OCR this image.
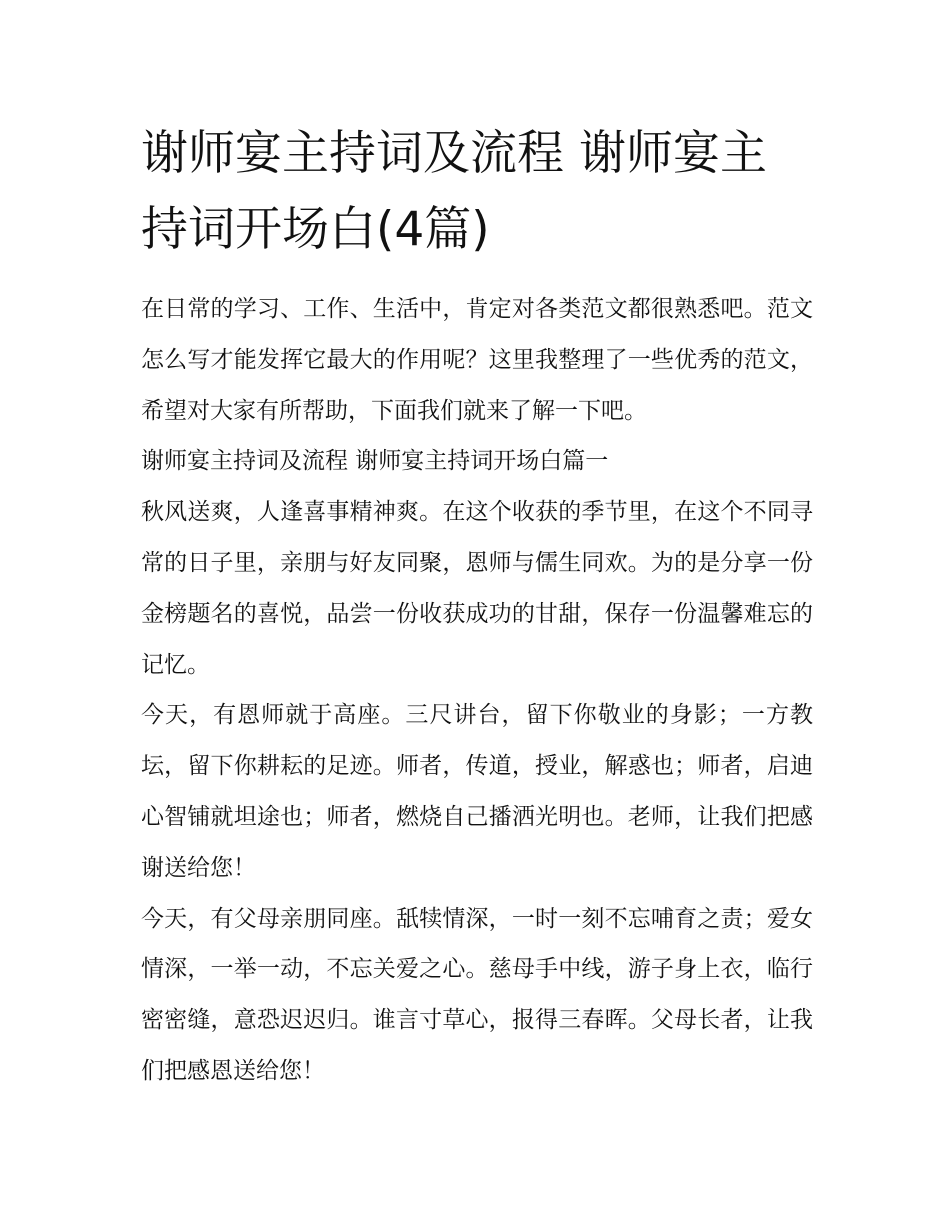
谢师宴主持词及流程 谢师宴主持词开场白(4篇)

在日常的学习、工作、生活中，肯定对各类范文都很熟悉吧。范文怎么写才能发挥它最大的作用呢？这里我整理了一些优秀的范文，希望对大家有所帮助，下面我们就来了解一下吧。

谢师宴主持词及流程 谢师宴主持词开场白篇一

秋风送爽，人逢喜事精神爽。在这个收获的季节里，在这个不同寻常的日子里，亲朋与好友同聚，恩师与儒生同欢。为的是分享一份金榜题名的喜悦，品尝一份收获成功的甘甜，保存一份温馨难忘的记忆。

今天，有恩师就于高座。三尺讲台，留下你敬业的身影；一方教坛，留下你耕耘的足迹。师者，传道，授业，解惑也；师者，启迪心智铺就坦途也；师者，燃烧自己播洒光明也。老师，让我们把感谢送给您！

今天，有父母亲朋同座。舐犊情深，一时一刻不忘哺育之责；爱女情深，一举一动，不忘关爱之心。慈母手中线，游子身上衣，临行密密缝，意恐迟迟归。谁言寸草心，报得三春晖。父母长者，让我们把感恩送给您！
